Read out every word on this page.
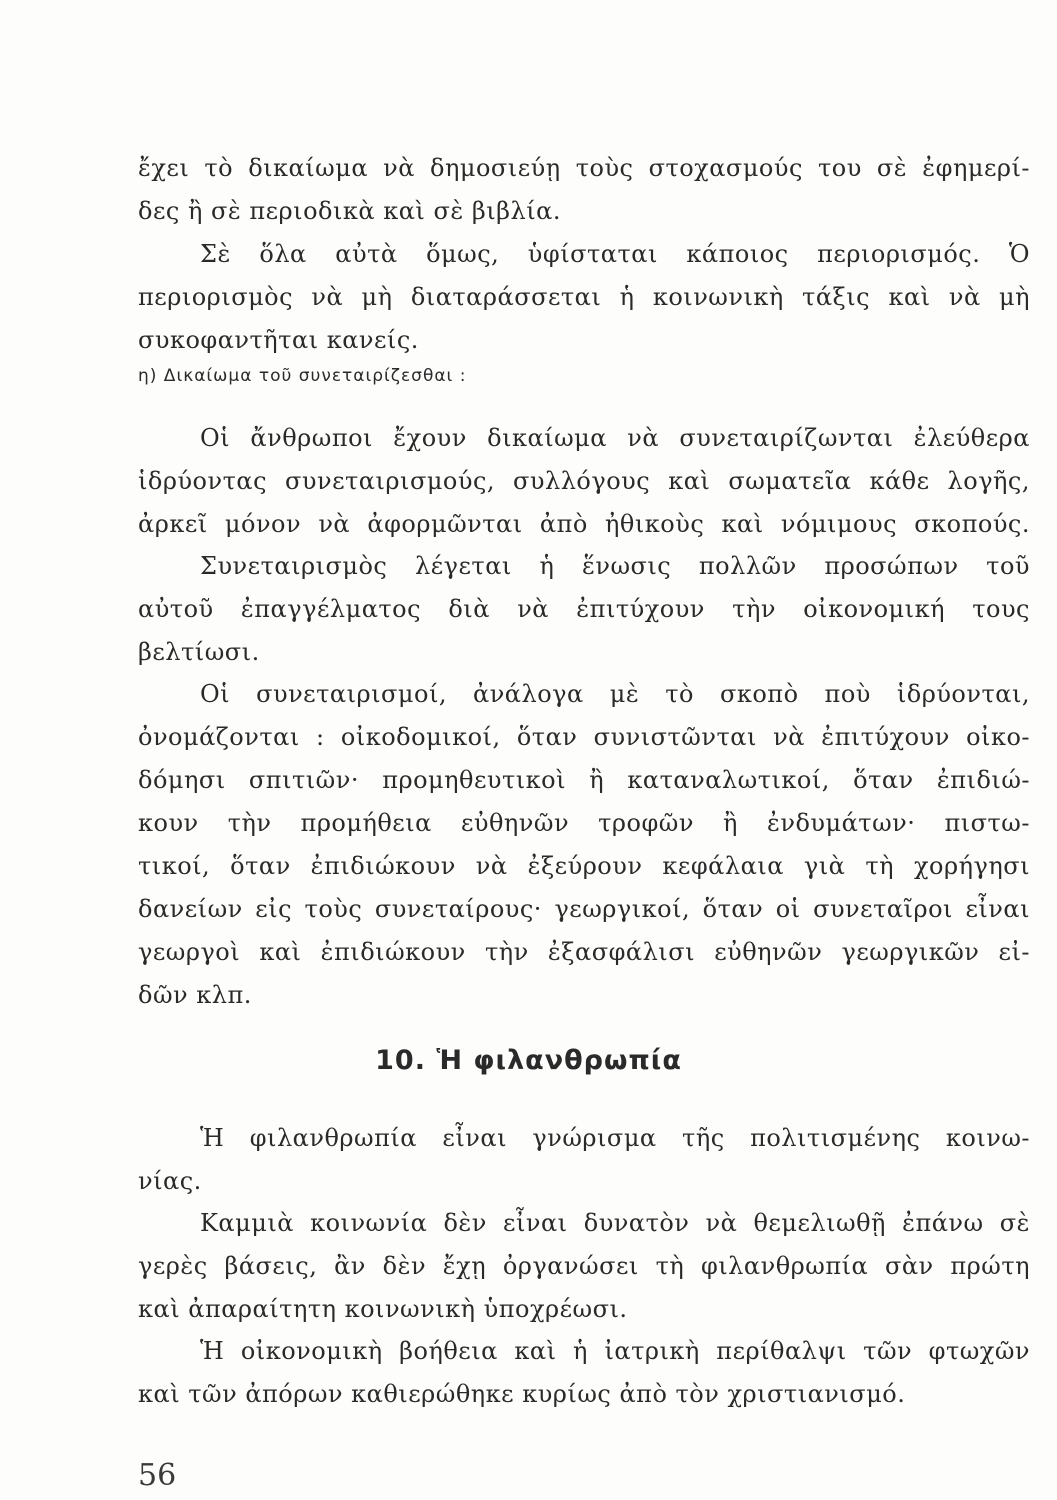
ἔχει τὸ δικαίωμα νὰ δημοσιεύῃ τοὺς στοχασμούς του σὲ ἐφημερί-
δες ἢ σὲ περιοδικὰ καὶ σὲ βιβλία.
Σὲ ὅλα αὐτὰ ὅμως, ὑφίσταται κάποιος περιορισμός. Ὁ
περιορισμὸς νὰ μὴ διαταράσσεται ἡ κοινωνικὴ τάξις καὶ νὰ μὴ
συκοφαντῆται κανείς.
η) Δικαίωμα τοῦ συνεταιρίζεσθαι :
Οἱ ἄνθρωποι ἔχουν δικαίωμα νὰ συνεταιρίζωνται ἐλεύθερα
ἱδρύοντας συνεταιρισμούς, συλλόγους καὶ σωματεῖα κάθε λογῆς,
ἀρκεῖ μόνον νὰ ἀφορμῶνται ἀπὸ ἠθικοὺς καὶ νόμιμους σκοπούς.
Συνεταιρισμὸς λέγεται ἡ ἕνωσις πολλῶν προσώπων τοῦ
αὐτοῦ ἐπαγγέλματος διὰ νὰ ἐπιτύχουν τὴν οἰκονομική τους
βελτίωσι.
Οἱ συνεταιρισμοί, ἀνάλογα μὲ τὸ σκοπὸ ποὺ ἱδρύονται,
ὀνομάζονται : οἰκοδομικοί, ὅταν συνιστῶνται νὰ ἐπιτύχουν οἰκο-
δόμησι σπιτιῶν· προμηθευτικοὶ ἢ καταναλωτικοί, ὅταν ἐπιδιώ-
κουν τὴν προμήθεια εὐθηνῶν τροφῶν ἢ ἐνδυμάτων· πιστω-
τικοί, ὅταν ἐπιδιώκουν νὰ ἐξεύρουν κεφάλαια γιὰ τὴ χορήγησι
δανείων εἰς τοὺς συνεταίρους· γεωργικοί, ὅταν οἱ συνεταῖροι εἶναι
γεωργοὶ καὶ ἐπιδιώκουν τὴν ἐξασφάλισι εὐθηνῶν γεωργικῶν εἰ-
δῶν κλπ.
10. Ἡ φιλανθρωπία
Ἡ φιλανθρωπία εἶναι γνώρισμα τῆς πολιτισμένης κοινω-
νίας.
Καμμιὰ κοινωνία δὲν εἶναι δυνατὸν νὰ θεμελιωθῇ ἐπάνω σὲ
γερὲς βάσεις, ἂν δὲν ἔχῃ ὀργανώσει τὴ φιλανθρωπία σὰν πρώτη
καὶ ἀπαραίτητη κοινωνικὴ ὑποχρέωσι.
Ἡ οἰκονομικὴ βοήθεια καὶ ἡ ἰατρικὴ περίθαλψι τῶν φτωχῶν
καὶ τῶν ἀπόρων καθιερώθηκε κυρίως ἀπὸ τὸν χριστιανισμό.
56
